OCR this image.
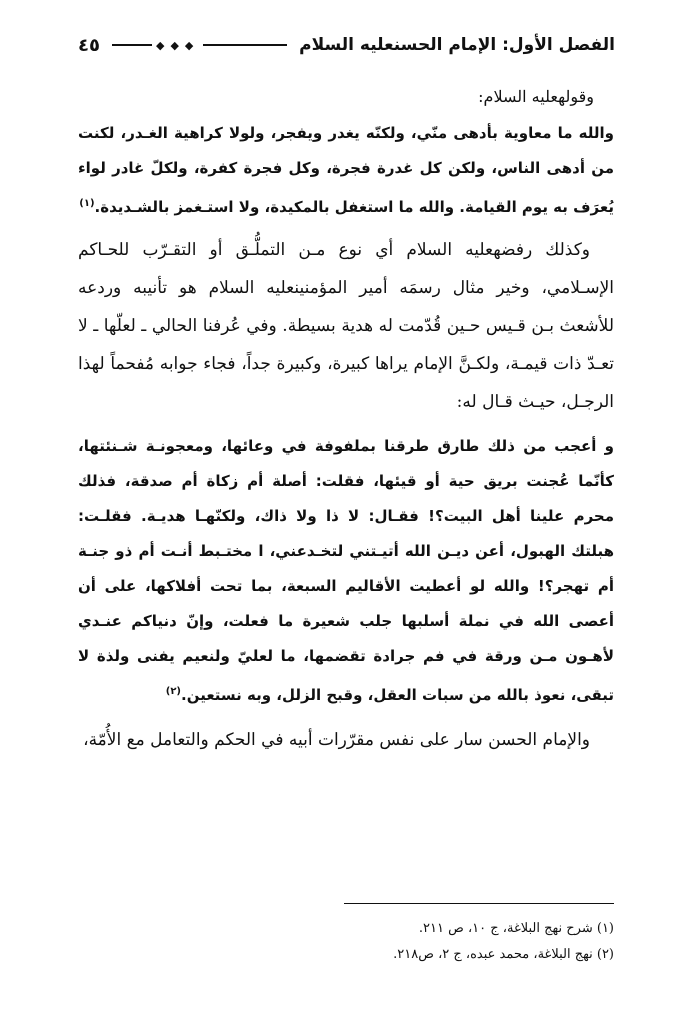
الفصل الأول: الإمام الحسنعليه السلام
◆◆◆
٤٥

وقولهعليه السلام:

والله ما معاوية بأدهى منّي، ولكنّه يغدر ويفجر، ولولا كراهية الغـدر، لكنت من أدهى الناس، ولكن كل غدرة فجرة، وكل فجرة كفرة، ولكلّ غادر لواء يُعرَف به يوم القيامة. والله ما استغفل بالمكيدة، ولا استـغمز بالشـديدة.$^{(١)}$

وكذلك رفضهعليه السلام أي نوع مـن التملُّـق أو التقـرّب للحـاكم الإسـلامي، وخير مثال رسمَه أمير المؤمنينعليه السلام هو تأنيبه وردعه للأشعث بـن قـيس حـين قُدّمت له هدية بسيطة. وفي عُرفنا الحالي ـ لعلّها ـ لا تعـدّ ذات قيمـة، ولكـنَّ الإمام يراها كبيرة، وكبيرة جداً، فجاء جوابه مُفحماً لهذا الرجـل، حيـث قـال له:

و أعجب من ذلك طارق طرقنا بملفوفة في وعائها، ومعجونـة شـنئتها، كأنّما عُجنت بريق حية أو قيئها، فقلت: أصلة أم زكاة أم صدقة، فذلك محرم علينا أهل البيت؟! فقـال: لا ذا ولا ذاك، ولكنّهـا هديـة. فقلـت: هبلتك الهبول، أعن ديـن الله أتيـتني لتخـدعني، ا مختـبط أنـت أم ذو جنـة أم تهجر؟! والله لو أعطيت الأقاليم السبعة، بما تحت أفلاكها، على أن أعصى الله في نملة أسلبها جلب شعيرة ما فعلت، وإنّ دنياكم عنـدي لأهـون مـن ورقة في فم جرادة تقضمها، ما لعليّ ولنعيم يفنى ولذة لا تبقى، نعوذ بالله من سبات العقل، وقبح الزلل، وبه نستعين.$^{(٢)}$

والإمام الحسن سار على نفس مقرّرات أبيه في الحكم والتعامل مع الأُمّة،

(١) شرح نهج البلاغة، ج ١٠، ص ٢١١.

(٢) نهج البلاغة، محمد عبده، ج ٢، ص٢١٨.
